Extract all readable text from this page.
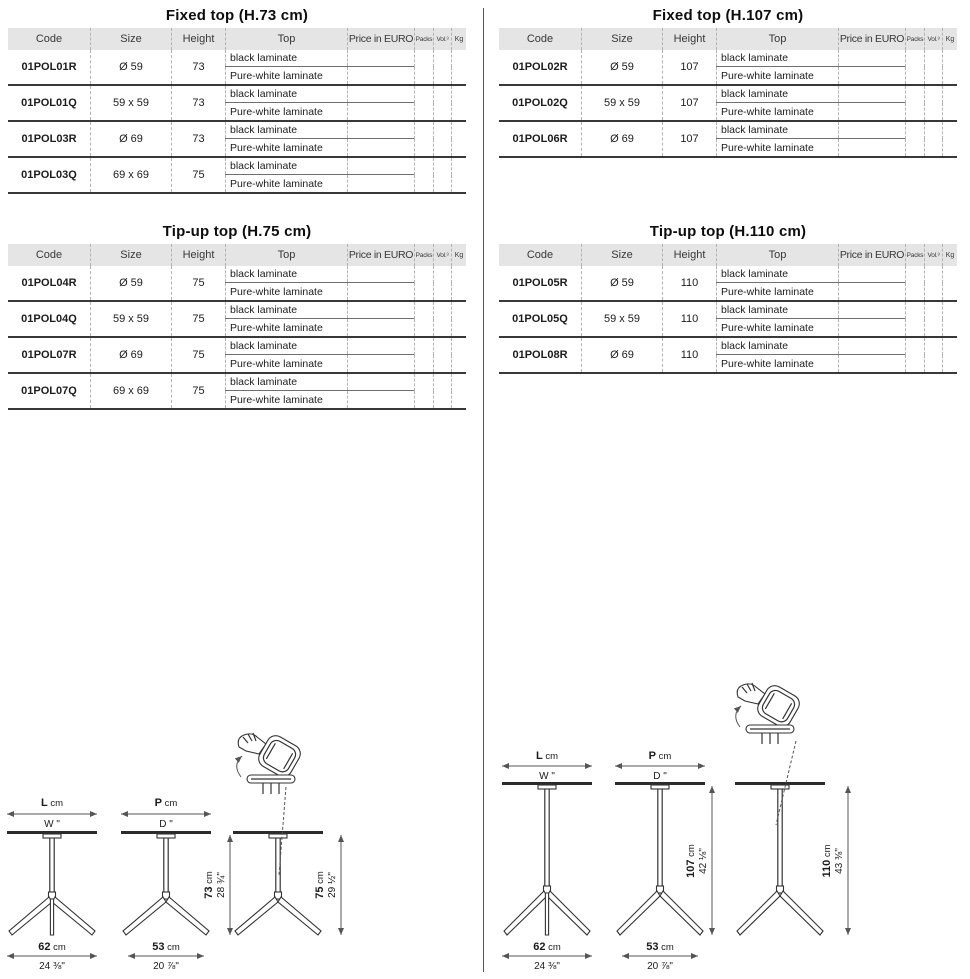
Fixed top (H.73 cm)
Code	Size	Height	Top	Price in EURO Packs Vol.³ Kg
01POL01R	Ø 59	73
black laminate
Pure-white laminate
01POL01Q	59 x 59	73
black laminate
Pure-white laminate
01POL03R	Ø 69	73
black laminate
Pure-white laminate
01POL03Q	69 x 69	75
black laminate
Pure-white laminate
Fixed top (H.107 cm)
Code	Size	Height	Top	Price in EURO Packs Vol.³ Kg
01POL02R	Ø 59	107
black laminate
Pure-white laminate
01POL02Q	59 x 59	107
black laminate
Pure-white laminate
01POL06R	Ø 69	107
black laminate
Pure-white laminate
Tip-up top (H.75 cm)
Code	Size	Height	Top	Price in EURO Packs Vol.³ Kg
01POL04R	Ø 59	75
black laminate
Pure-white laminate
01POL04Q	59 x 59	75
black laminate
Pure-white laminate
01POL07R	Ø 69	75
black laminate
Pure-white laminate
01POL07Q	69 x 69	75
black laminate
Pure-white laminate
Tip-up top (H.110 cm)
Code	Size	Height	Top	Price in EURO Packs Vol.³ Kg
01POL05R	Ø 59	110
black laminate
Pure-white laminate
01POL05Q	59 x 59	110
black laminate
Pure-white laminate
01POL08R	Ø 69	110
black laminate
Pure-white laminate
L cm
W "
P cm
D "
62 cm
24 ⅜"
53 cm
20 ⅞"
73 cm 28 ¾"	75 cm 29 ½"
L cm
W "
P cm
D "
62 cm
24 ⅜"
53 cm
20 ⅞"
107 cm 42 ⅛"	110 cm 43 ⅜"
